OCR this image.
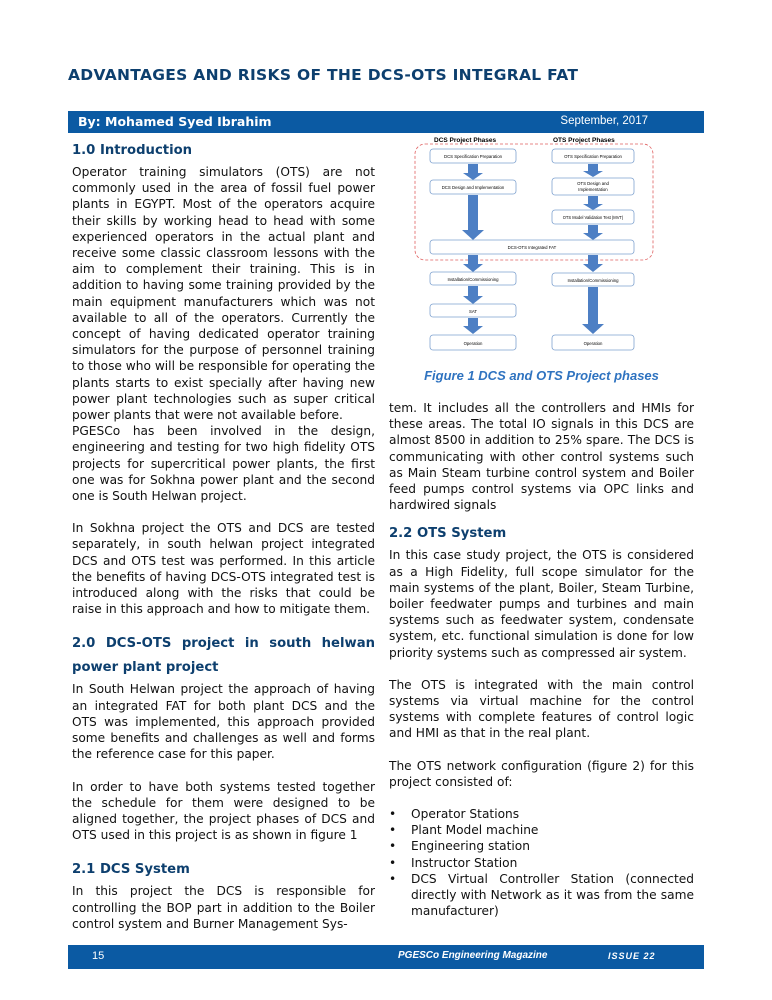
ADVANTAGES AND RISKS OF THE DCS-OTS INTEGRAL FAT
By: Mohamed Syed Ibrahim	September, 2017
1.0 Introduction

Operator training simulators (OTS) are not commonly used in the area of fossil fuel power plants in EGYPT. Most of the operators acquire their skills by working head to head with some experienced operators in the actual plant and receive some classic classroom lessons with the aim to complement their training. This is in addition to having some training provided by the main equipment manufacturers which was not available to all of the operators. Currently the concept of having dedicated operator training simulators for the purpose of personnel training to those who will be responsible for operating the plants starts to exist specially after having new power plant technologies such as super critical power plants that were not available before.

PGESCo has been involved in the design, engineering and testing for two high fidelity OTS projects for supercritical power plants, the first one was for Sokhna power plant and the second one is South Helwan project.

In Sokhna project the OTS and DCS are tested separately, in south helwan project integrated DCS and OTS test was performed. In this article the benefits of having DCS-OTS integrated test is introduced along with the risks that could be raise in this approach and how to mitigate them.

2.0 DCS-OTS project in south helwan
power plant project

In South Helwan project the approach of having an integrated FAT for both plant DCS and the OTS was implemented, this approach provided some benefits and challenges as well and forms the reference case for this paper.

In order to have both systems tested together the schedule for them were designed to be aligned together, the project phases of DCS and OTS used in this project is as shown in figure 1

2.1 DCS System

In this project the DCS is responsible for controlling the BOP part in addition to the Boiler control system and Burner Management Sys-

DCS Project Phases	OTS Project Phases
DCS Specification Preparation	OTS Specification Preparation
DCS Design and Implementation
OTS Design and
Implementation
OTS Model Validation Test (MVT)
DCS-OTS Integrated FAT
Installation/Commissioning	Installation/Commissioning
SAT
Operation	Operation
Figure 1 DCS and OTS Project phases

tem. It includes all the controllers and HMIs for these areas. The total IO signals in this DCS are almost 8500 in addition to 25% spare. The DCS is communicating with other control systems such as Main Steam turbine control system and Boiler feed pumps control systems via OPC links and hardwired signals

2.2 OTS System

In this case study project, the OTS is considered as a High Fidelity, full scope simulator for the main systems of the plant, Boiler, Steam Turbine, boiler feedwater pumps and turbines and main systems such as feedwater system, condensate system, etc. functional simulation is done for low priority systems such as compressed air system.

The OTS is integrated with the main control systems via virtual machine for the control systems with complete features of control logic and HMI as that in the real plant.

The OTS network configuration (figure 2) for this project consisted of:

• Operator Stations
• Plant Model machine
• Engineering station
• Instructor Station
• DCS Virtual Controller Station (connected directly with Network as it was from the same manufacturer)
15	PGESCo Engineering Magazine	ISSUE 22
